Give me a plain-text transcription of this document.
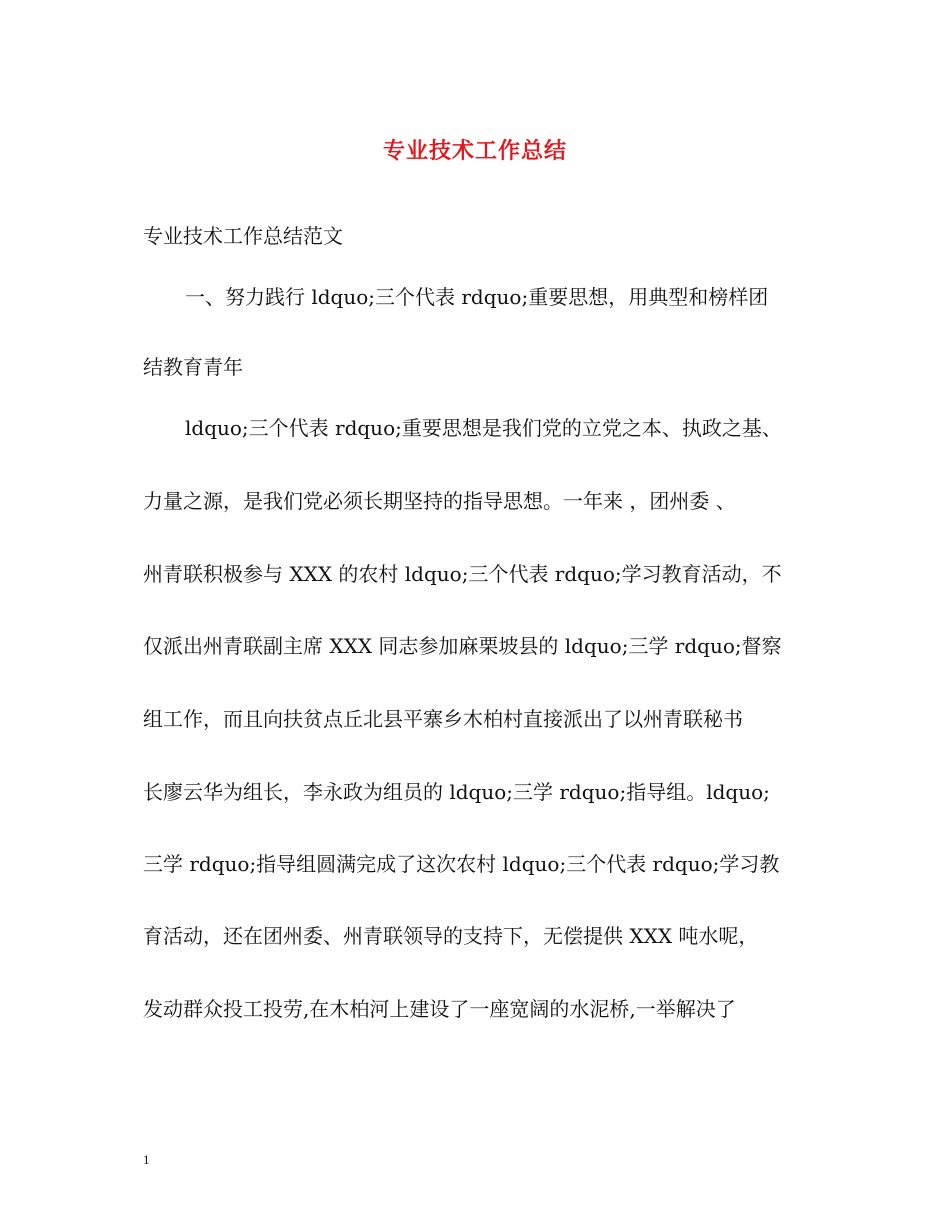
专业技术工作总结
专业技术工作总结范文
一、努力践行 ldquo;三个代表 rdquo;重要思想，用典型和榜样团
结教育青年
ldquo;三个代表 rdquo;重要思想是我们党的立党之本、执政之基、
力量之源，是我们党必须长期坚持的指导思想。一年来 ，团州委 、
州青联积极参与 XXX 的农村 ldquo;三个代表 rdquo;学习教育活动，不
仅派出州青联副主席 XXX 同志参加麻栗坡县的 ldquo;三学 rdquo;督察
组工作，而且向扶贫点丘北县平寨乡木柏村直接派出了以州青联秘书
长廖云华为组长，李永政为组员的 ldquo;三学 rdquo;指导组。ldquo;
三学 rdquo;指导组圆满完成了这次农村 ldquo;三个代表 rdquo;学习教
育活动，还在团州委、州青联领导的支持下，无偿提供 XXX 吨水呢，
发动群众投工投劳,在木柏河上建设了一座宽阔的水泥桥,一举解决了
1
